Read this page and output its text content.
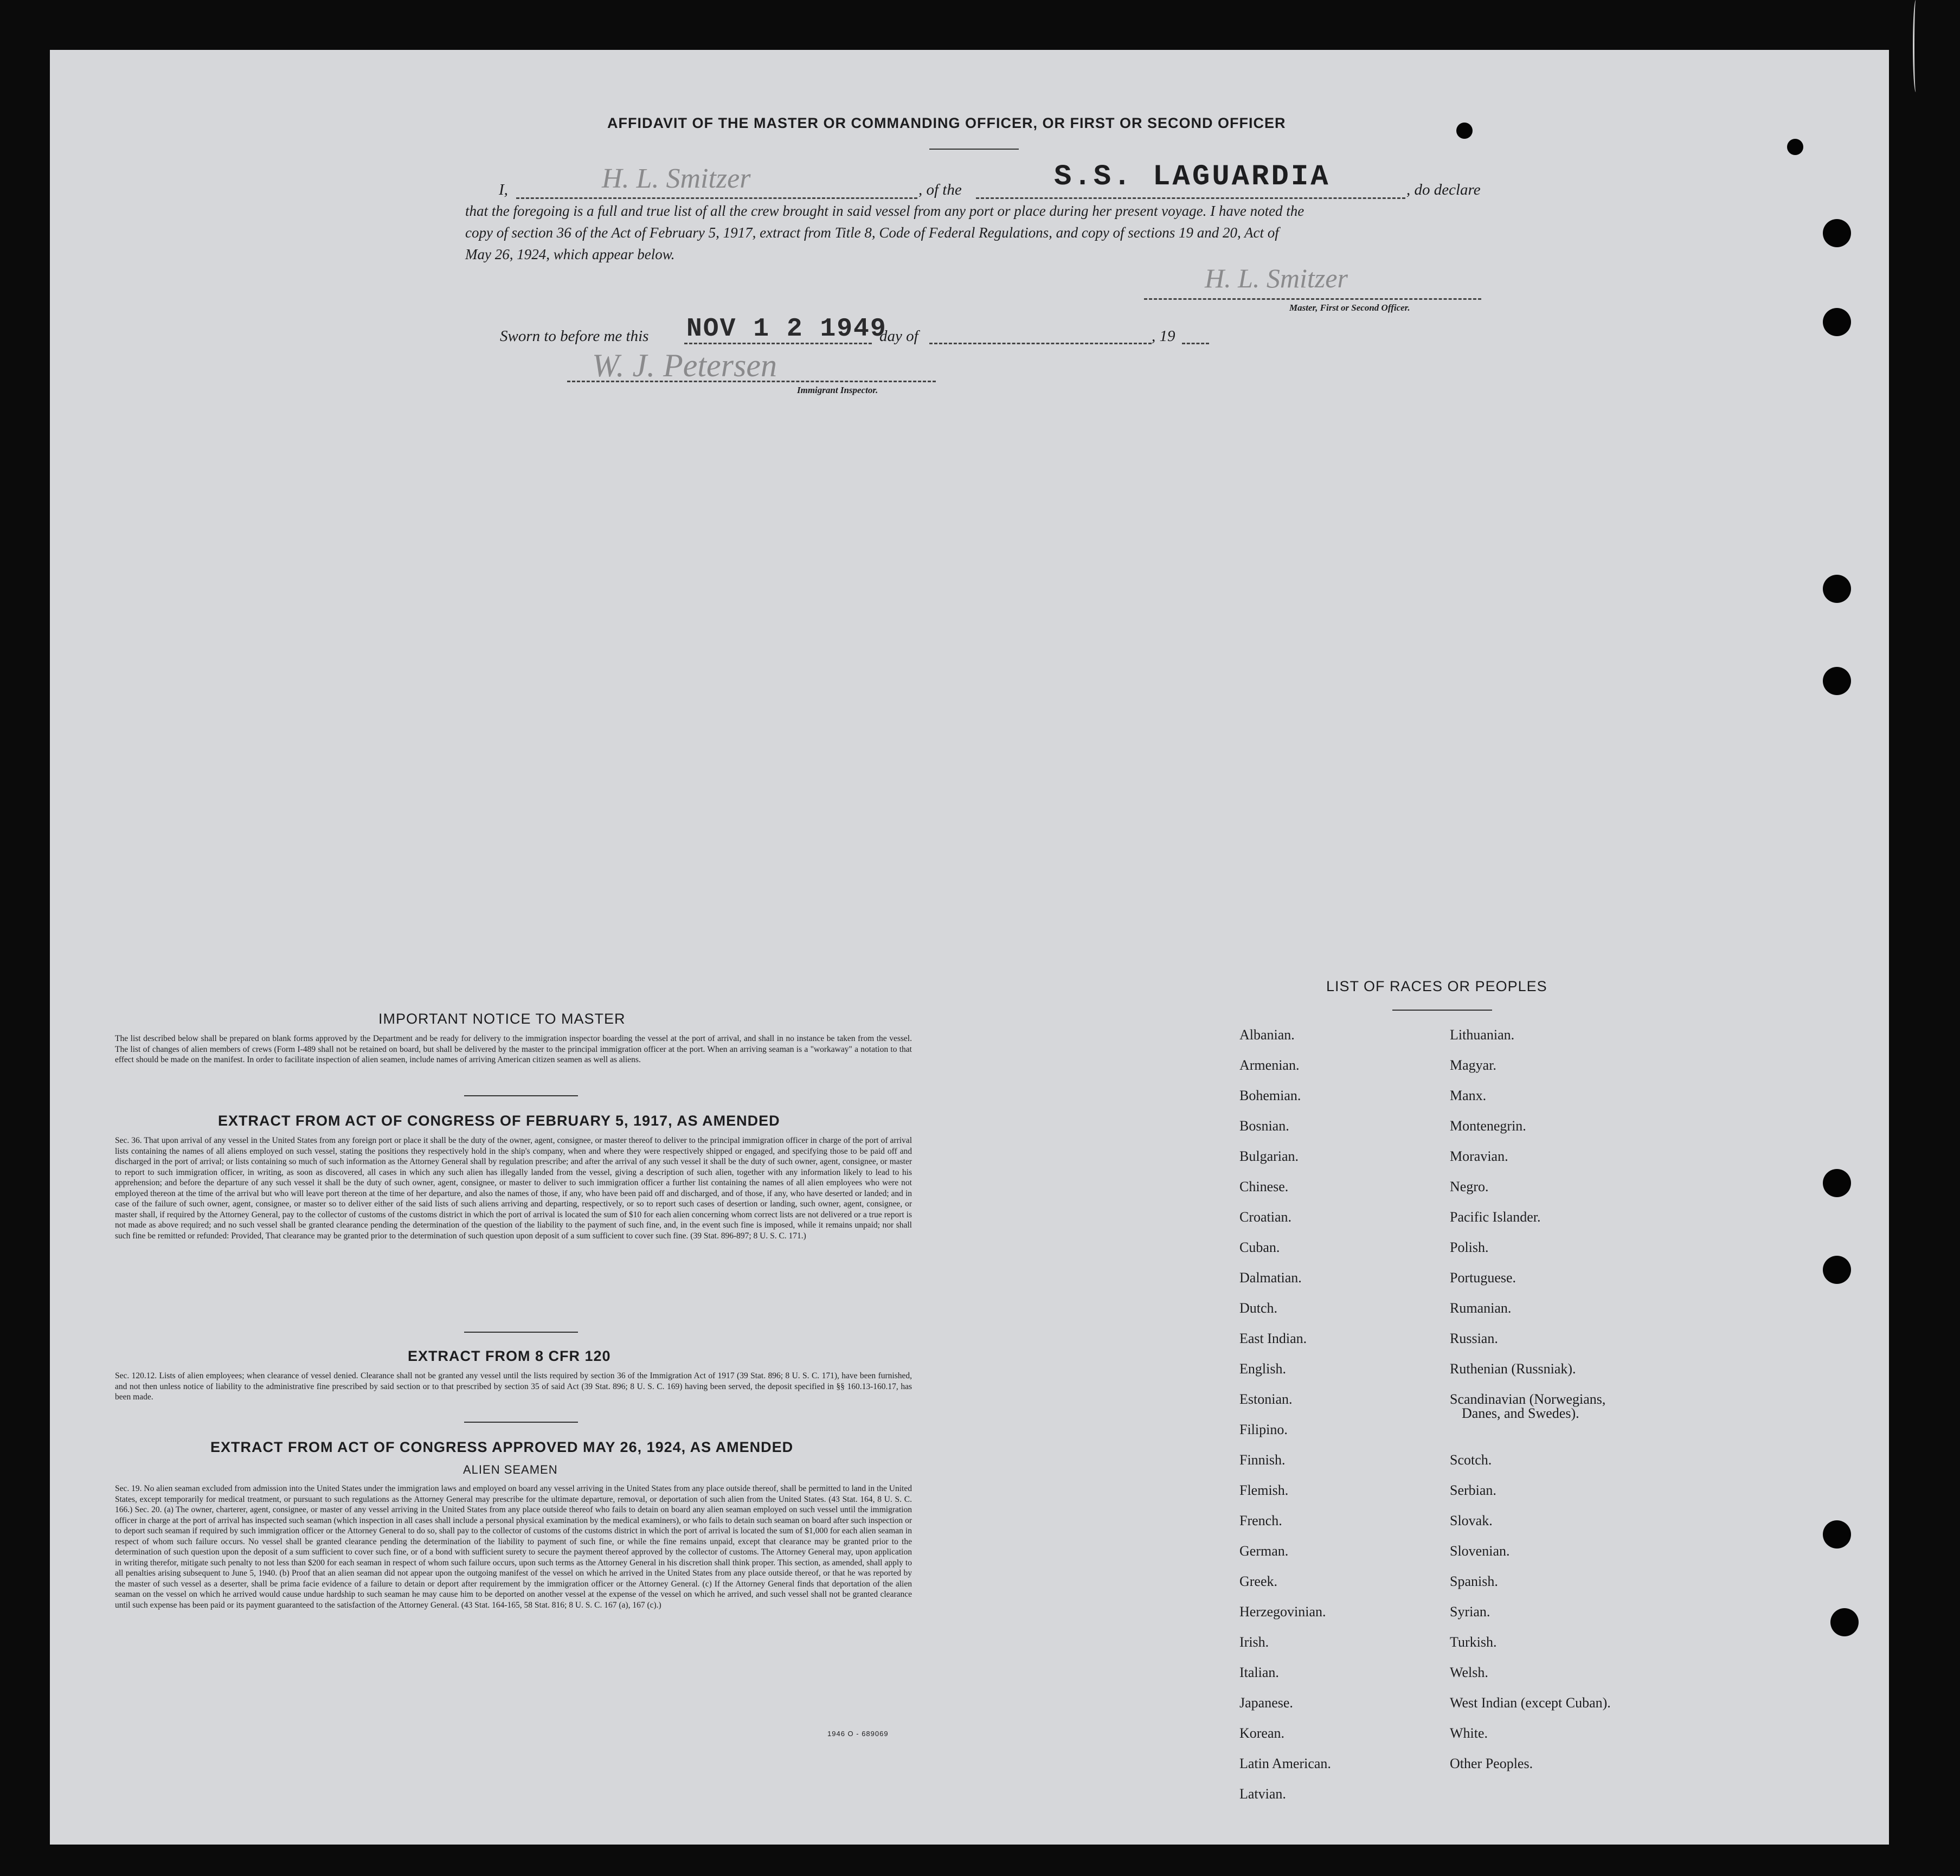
AFFIDAVIT OF THE MASTER OR COMMANDING OFFICER, OR FIRST OR SECOND OFFICER
I,	H. L. Smitzer	, of the	S.S. LAGUARDIA	, do declare
that the foregoing is a full and true list of all the crew brought in said vessel from any port or place during her present voyage. I have noted the
copy of section 36 of the Act of February 5, 1917, extract from Title 8, Code of Federal Regulations, and copy of sections 19 and 20, Act of
May 26, 1924, which appear below.
H. L. Smitzer
Master, First or Second Officer.
Sworn to before me this NOV 1 2 1949
day of	, 19
W. J. Petersen
Immigrant Inspector.
IMPORTANT NOTICE TO MASTER
The list described below shall be prepared on blank forms approved by the Department and be ready for delivery to the immigration inspector boarding the vessel at the port of arrival, and shall in no instance be taken from the vessel. The list of changes of alien members of crews (Form I-489 shall not be retained on board, but shall be delivered by the master to the principal immigration officer at the port. When an arriving seaman is a "workaway" a notation to that effect should be made on the manifest. In order to facilitate inspection of alien seamen, include names of arriving American citizen seamen as well as aliens.
EXTRACT FROM ACT OF CONGRESS OF FEBRUARY 5, 1917, AS AMENDED
Sec. 36. That upon arrival of any vessel in the United States from any foreign port or place it shall be the duty of the owner, agent, consignee, or master thereof to deliver to the principal immigration officer in charge of the port of arrival lists containing the names of all aliens employed on such vessel, stating the positions they respectively hold in the ship's company, when and where they were respectively shipped or engaged, and specifying those to be paid off and discharged in the port of arrival; or lists containing so much of such information as the Attorney General shall by regulation prescribe; and after the arrival of any such vessel it shall be the duty of such owner, agent, consignee, or master to report to such immigration officer, in writing, as soon as discovered, all cases in which any such alien has illegally landed from the vessel, giving a description of such alien, together with any information likely to lead to his apprehension; and before the departure of any such vessel it shall be the duty of such owner, agent, consignee, or master to deliver to such immigration officer a further list containing the names of all alien employees who were not employed thereon at the time of the arrival but who will leave port thereon at the time of her departure, and also the names of those, if any, who have been paid off and discharged, and of those, if any, who have deserted or landed; and in case of the failure of such owner, agent, consignee, or master so to deliver either of the said lists of such aliens arriving and departing, respectively, or so to report such cases of desertion or landing, such owner, agent, consignee, or master shall, if required by the Attorney General, pay to the collector of customs of the customs district in which the port of arrival is located the sum of $10 for each alien concerning whom correct lists are not delivered or a true report is not made as above required; and no such vessel shall be granted clearance pending the determination of the question of the liability to the payment of such fine, and, in the event such fine is imposed, while it remains unpaid; nor shall such fine be remitted or refunded: Provided, That clearance may be granted prior to the determination of such question upon deposit of a sum sufficient to cover such fine. (39 Stat. 896-897; 8 U. S. C. 171.)
EXTRACT FROM 8 CFR 120
Sec. 120.12. Lists of alien employees; when clearance of vessel denied. Clearance shall not be granted any vessel until the lists required by section 36 of the Immigration Act of 1917 (39 Stat. 896; 8 U. S. C. 171), have been furnished, and not then unless notice of liability to the administrative fine prescribed by said section or to that prescribed by section 35 of said Act (39 Stat. 896; 8 U. S. C. 169) having been served, the deposit specified in §§ 160.13-160.17, has been made.
EXTRACT FROM ACT OF CONGRESS APPROVED MAY 26, 1924, AS AMENDED
ALIEN SEAMEN
Sec. 19. No alien seaman excluded from admission into the United States under the immigration laws and employed on board any vessel arriving in the United States from any place outside thereof, shall be permitted to land in the United States, except temporarily for medical treatment, or pursuant to such regulations as the Attorney General may prescribe for the ultimate departure, removal, or deportation of such alien from the United States. (43 Stat. 164, 8 U. S. C. 166.) Sec. 20. (a) The owner, charterer, agent, consignee, or master of any vessel arriving in the United States from any place outside thereof who fails to detain on board any alien seaman employed on such vessel until the immigration officer in charge at the port of arrival has inspected such seaman (which inspection in all cases shall include a personal physical examination by the medical examiners), or who fails to detain such seaman on board after such inspection or to deport such seaman if required by such immigration officer or the Attorney General to do so, shall pay to the collector of customs of the customs district in which the port of arrival is located the sum of $1,000 for each alien seaman in respect of whom such failure occurs. No vessel shall be granted clearance pending the determination of the liability to payment of such fine, or while the fine remains unpaid, except that clearance may be granted prior to the determination of such question upon the deposit of a sum sufficient to cover such fine, or of a bond with sufficient surety to secure the payment thereof approved by the collector of customs. The Attorney General may, upon application in writing therefor, mitigate such penalty to not less than $200 for each seaman in respect of whom such failure occurs, upon such terms as the Attorney General in his discretion shall think proper. This section, as amended, shall apply to all penalties arising subsequent to June 5, 1940. (b) Proof that an alien seaman did not appear upon the outgoing manifest of the vessel on which he arrived in the United States from any place outside thereof, or that he was reported by the master of such vessel as a deserter, shall be prima facie evidence of a failure to detain or deport after requirement by the immigration officer or the Attorney General. (c) If the Attorney General finds that deportation of the alien seaman on the vessel on which he arrived would cause undue hardship to such seaman he may cause him to be deported on another vessel at the expense of the vessel on which he arrived, and such vessel shall not be granted clearance until such expense has been paid or its payment guaranteed to the satisfaction of the Attorney General. (43 Stat. 164-165, 58 Stat. 816; 8 U. S. C. 167 (a), 167 (c).)
1946 O - 689069
LIST OF RACES OR PEOPLES
Albanian.
Armenian.
Bohemian.
Bosnian.
Bulgarian.
Chinese.
Croatian.
Cuban.
Dalmatian.
Dutch.
East Indian.
English.
Estonian.
Filipino.
Finnish.
Flemish.
French.
German.
Greek.
Herzegovinian.
Irish.
Italian.
Japanese.
Korean.
Latin American.
Latvian.
Lithuanian.
Magyar.
Manx.
Montenegrin.
Moravian.
Negro.
Pacific Islander.
Polish.
Portuguese.
Rumanian.
Russian.
Ruthenian (Russniak).
Scandinavian (Norwegians,
Danes, and Swedes).
Scotch.
Serbian.
Slovak.
Slovenian.
Spanish.
Syrian.
Turkish.
Welsh.
West Indian (except Cuban).
White.
Other Peoples.
